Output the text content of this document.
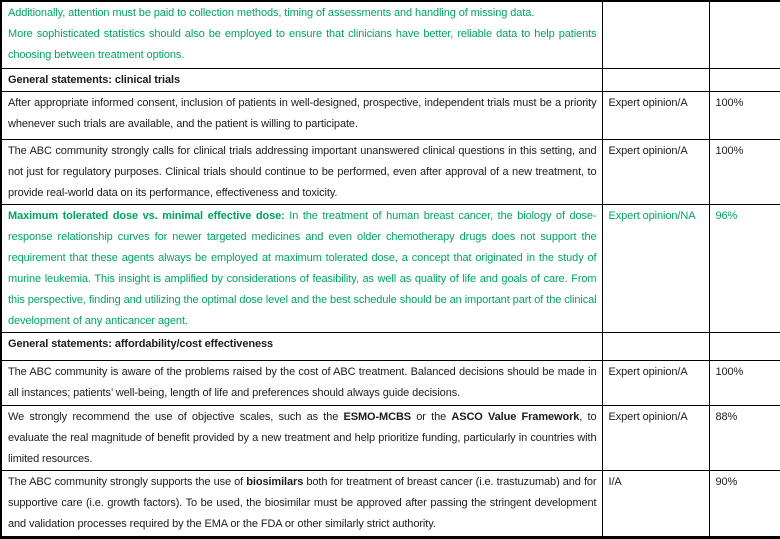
Additionally, attention must be paid to collection methods, timing of assessments and handling of missing data.

More sophisticated statistics should also be employed to ensure that clinicians have better, reliable data to help patients choosing between treatment options.		

General statements: clinical trials		

After appropriate informed consent, inclusion of patients in well-designed, prospective, independent trials must be a priority whenever such trials are available, and the patient is willing to participate.	Expert opinion/A	100%

The ABC community strongly calls for clinical trials addressing important unanswered clinical questions in this setting, and not just for regulatory purposes. Clinical trials should continue to be performed, even after approval of a new treatment, to provide real-world data on its performance, effectiveness and toxicity.	Expert opinion/A	100%

Maximum tolerated dose vs. minimal effective dose: In the treatment of human breast cancer, the biology of dose-response relationship curves for newer targeted medicines and even older chemotherapy drugs does not support the requirement that these agents always be employed at maximum tolerated dose, a concept that originated in the study of murine leukemia. This insight is amplified by considerations of feasibility, as well as quality of life and goals of care. From this perspective, finding and utilizing the optimal dose level and the best schedule should be an important part of the clinical development of any anticancer agent.	Expert opinion/NA	96%
General statements: affordability/cost effectiveness		

The ABC community is aware of the problems raised by the cost of ABC treatment. Balanced decisions should be made in all instances; patients’ well-being, length of life and preferences should always guide decisions.	Expert opinion/A	100%

We strongly recommend the use of objective scales, such as the ESMO-MCBS or the ASCO Value Framework, to evaluate the real magnitude of benefit provided by a new treatment and help prioritize funding, particularly in countries with limited resources.	Expert opinion/A	88%

The ABC community strongly supports the use of biosimilars both for treatment of breast cancer (i.e. trastuzumab) and for supportive care (i.e. growth factors). To be used, the biosimilar must be approved after passing the stringent development and validation processes required by the EMA or the FDA or other similarly strict authority.	I/A	90%
